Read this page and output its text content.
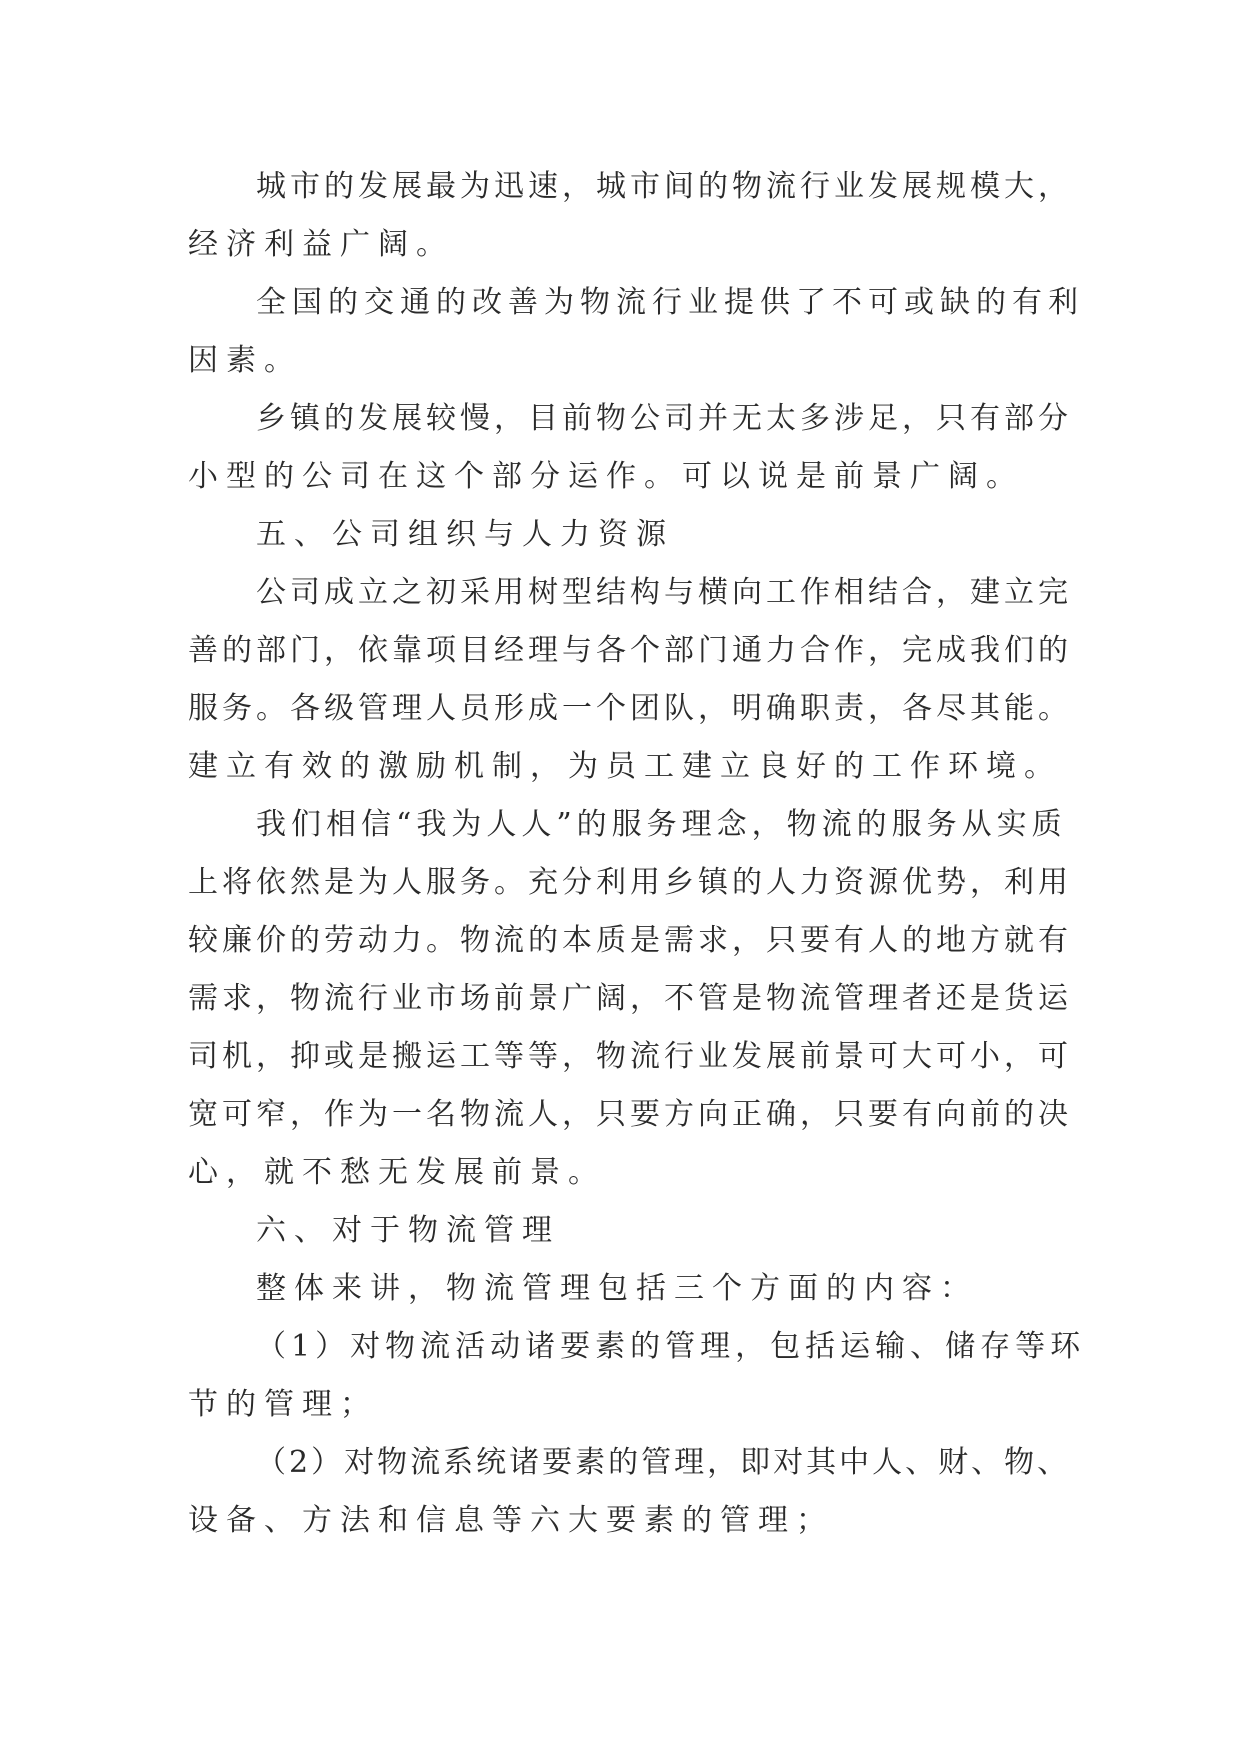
城市的发展最为迅速，城市间的物流行业发展规模大，
经济利益广阔。
全国的交通的改善为物流行业提供了不可或缺的有利
因素。
乡镇的发展较慢，目前物公司并无太多涉足，只有部分
小型的公司在这个部分运作。可以说是前景广阔。
五、公司组织与人力资源
公司成立之初采用树型结构与横向工作相结合，建立完
善的部门，依靠项目经理与各个部门通力合作，完成我们的
服务。各级管理人员形成一个团队，明确职责，各尽其能。
建立有效的激励机制，为员工建立良好的工作环境。
我们相信“我为人人”的服务理念，物流的服务从实质
上将依然是为人服务。充分利用乡镇的人力资源优势，利用
较廉价的劳动力。物流的本质是需求，只要有人的地方就有
需求，物流行业市场前景广阔，不管是物流管理者还是货运
司机，抑或是搬运工等等，物流行业发展前景可大可小，可
宽可窄，作为一名物流人，只要方向正确，只要有向前的决
心，就不愁无发展前景。
六、对于物流管理
整体来讲，物流管理包括三个方面的内容：
（1）对物流活动诸要素的管理，包括运输、储存等环
节的管理；
（2）对物流系统诸要素的管理，即对其中人、财、物、
设备、方法和信息等六大要素的管理；
